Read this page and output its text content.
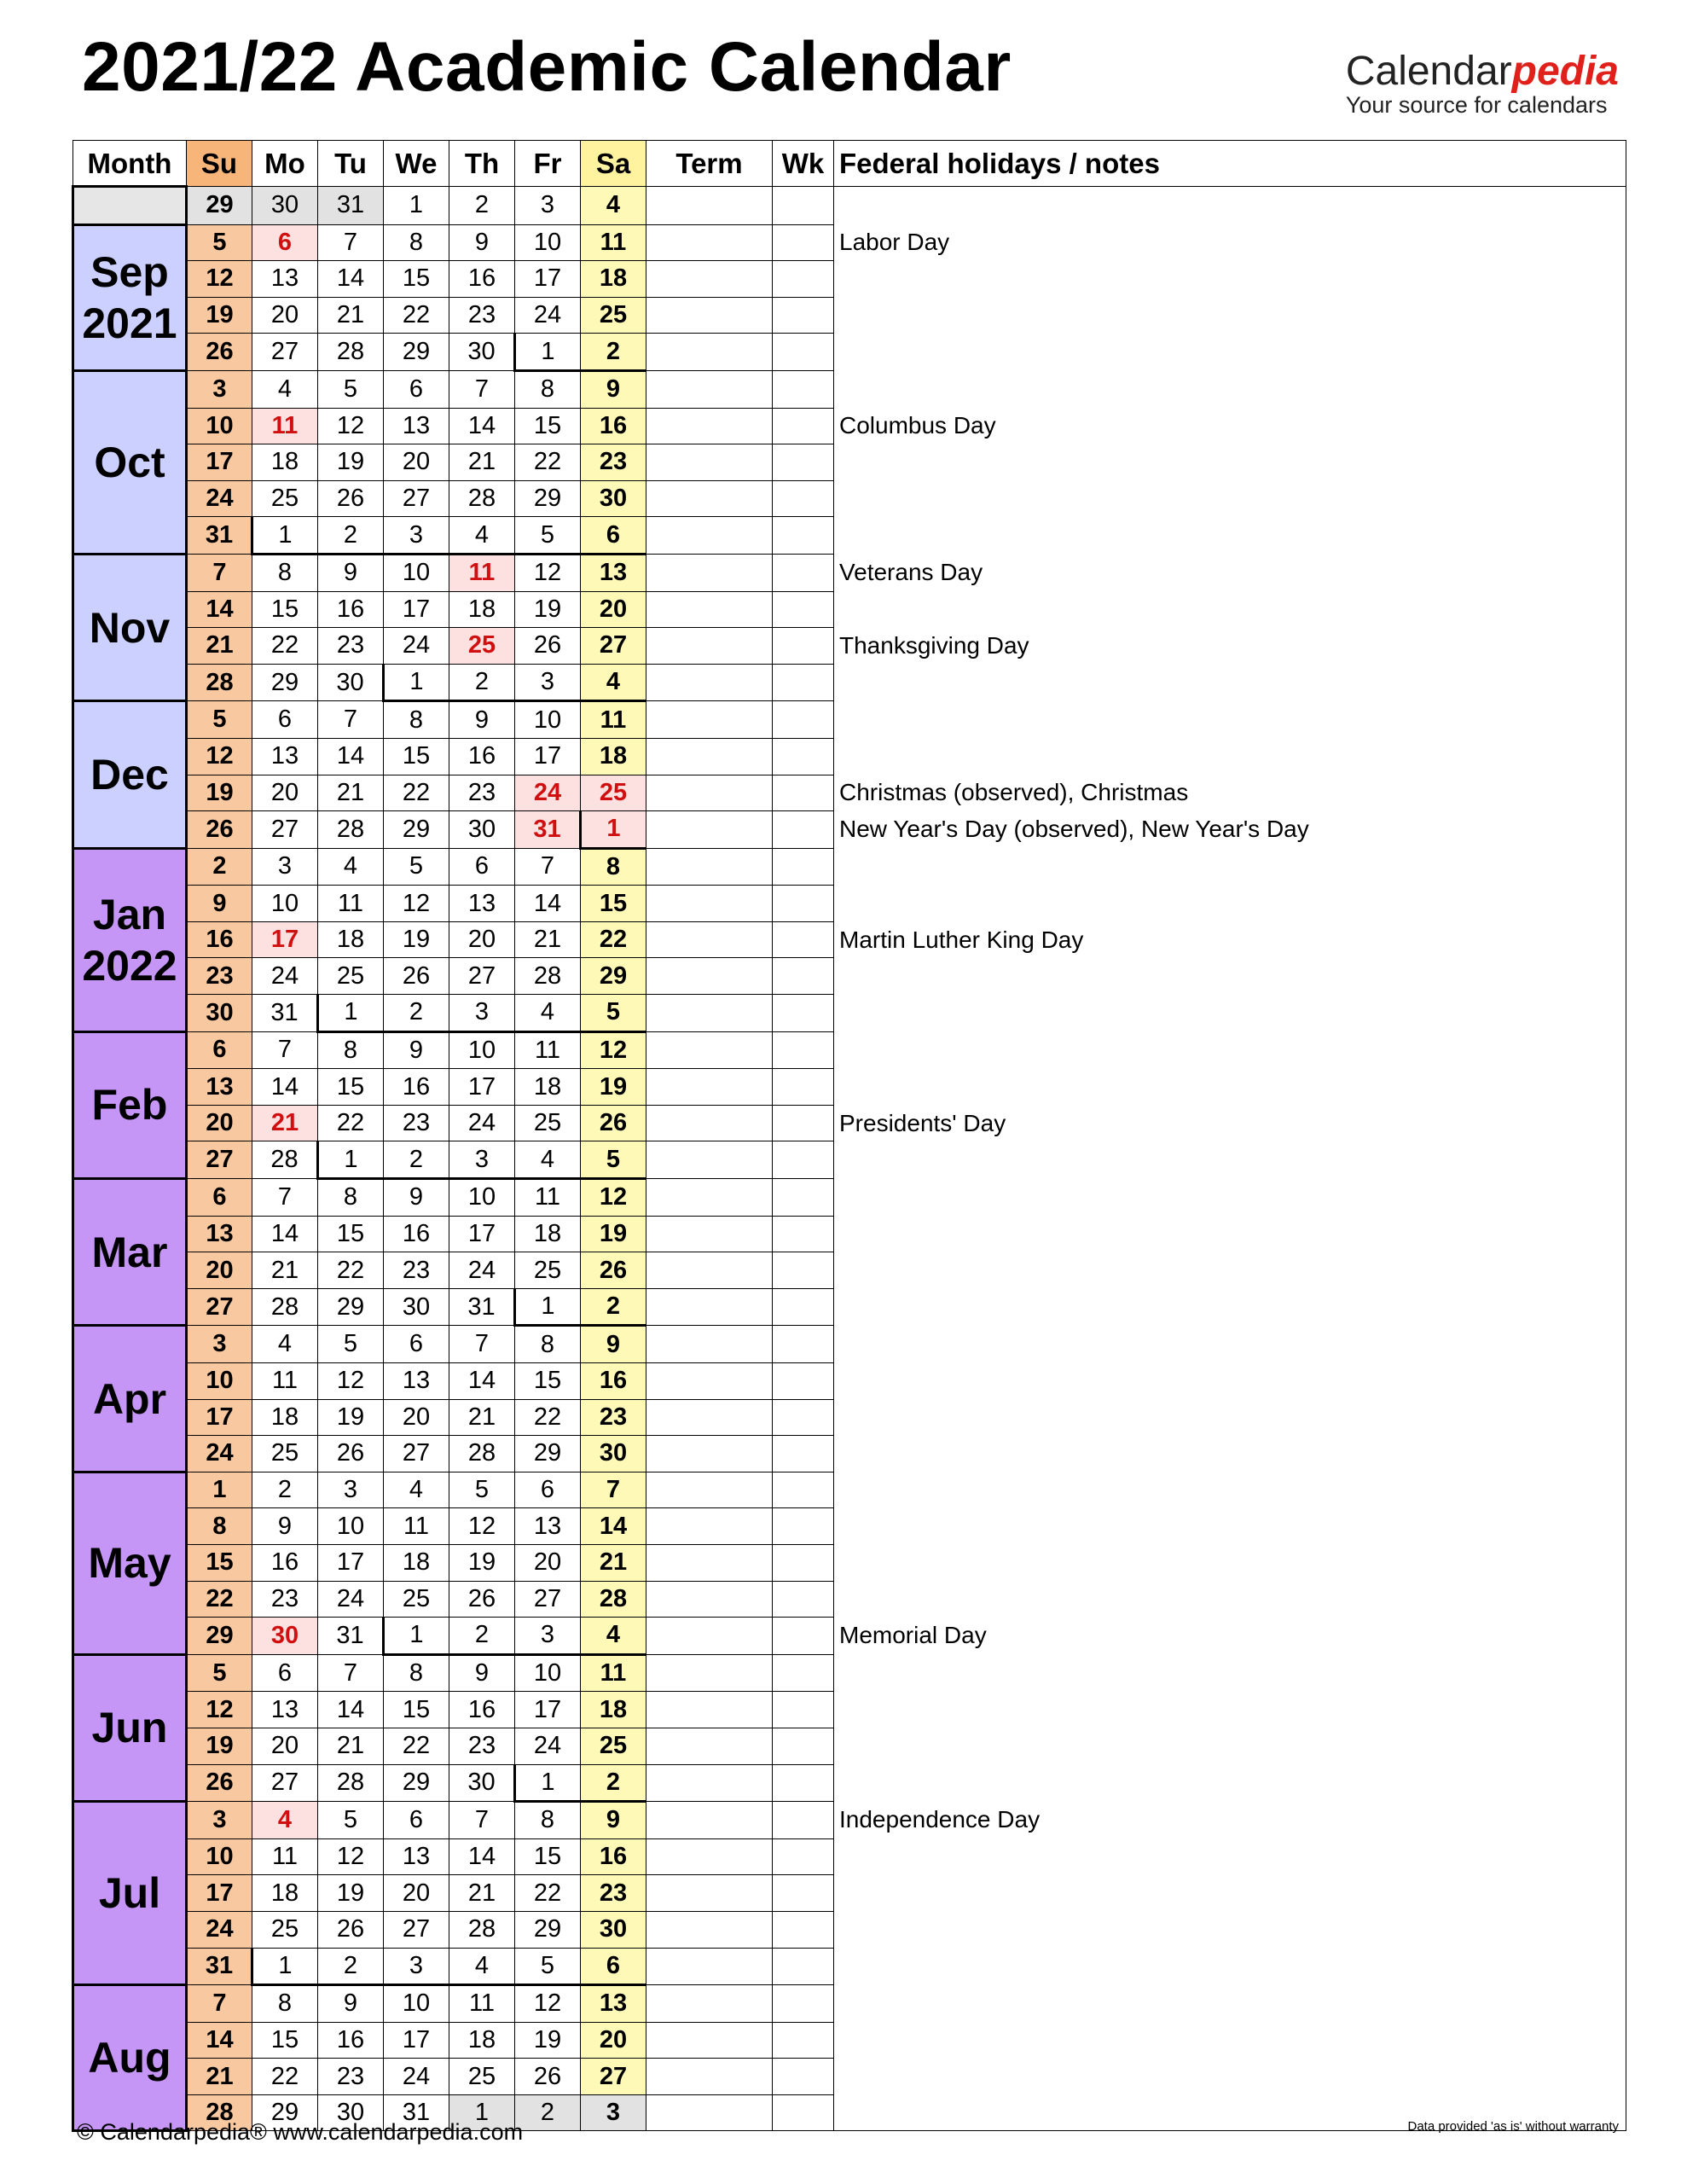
2021/22 Academic Calendar	Calendarpedia
Your source for calendars
Month	Su	Mo	Tu	We	Th	Fr	Sa	Term	Wk	Federal holidays / notes
	29	30	31	1	2	3	4			
Sep
2021	5	6	7	8	9	10	11			Labor Day
	12	13	14	15	16	17	18			
	19	20	21	22	23	24	25			
	26	27	28	29	30	1	2			
Oct	3	4	5	6	7	8	9			
	10	11	12	13	14	15	16			Columbus Day
	17	18	19	20	21	22	23			
	24	25	26	27	28	29	30			
	31	1	2	3	4	5	6			
Nov	7	8	9	10	11	12	13			Veterans Day
	14	15	16	17	18	19	20			
	21	22	23	24	25	26	27			Thanksgiving Day
	28	29	30	1	2	3	4			
Dec	5	6	7	8	9	10	11			
	12	13	14	15	16	17	18			
	19	20	21	22	23	24	25			Christmas (observed), Christmas
	26	27	28	29	30	31	1			New Year's Day (observed), New Year's Day
Jan
2022	2	3	4	5	6	7	8			
	9	10	11	12	13	14	15			
	16	17	18	19	20	21	22			Martin Luther King Day
	23	24	25	26	27	28	29			
	30	31	1	2	3	4	5			
Feb	6	7	8	9	10	11	12			
	13	14	15	16	17	18	19			
	20	21	22	23	24	25	26			Presidents' Day
	27	28	1	2	3	4	5			
Mar	6	7	8	9	10	11	12			
	13	14	15	16	17	18	19			
	20	21	22	23	24	25	26			
	27	28	29	30	31	1	2			
Apr	3	4	5	6	7	8	9			
	10	11	12	13	14	15	16			
	17	18	19	20	21	22	23			
	24	25	26	27	28	29	30			
May	1	2	3	4	5	6	7			
	8	9	10	11	12	13	14			
	15	16	17	18	19	20	21			
	22	23	24	25	26	27	28			
	29	30	31	1	2	3	4			Memorial Day
Jun	5	6	7	8	9	10	11			
	12	13	14	15	16	17	18			
	19	20	21	22	23	24	25			
	26	27	28	29	30	1	2			
Jul	3	4	5	6	7	8	9			Independence Day
	10	11	12	13	14	15	16			
	17	18	19	20	21	22	23			
	24	25	26	27	28	29	30			
	31	1	2	3	4	5	6			
Aug	7	8	9	10	11	12	13			
	14	15	16	17	18	19	20			
	21	22	23	24	25	26	27			
	28	29	30	31	1	2	3			
© Calendarpedia® www.calendarpedia.com	Data provided 'as is' without warranty
